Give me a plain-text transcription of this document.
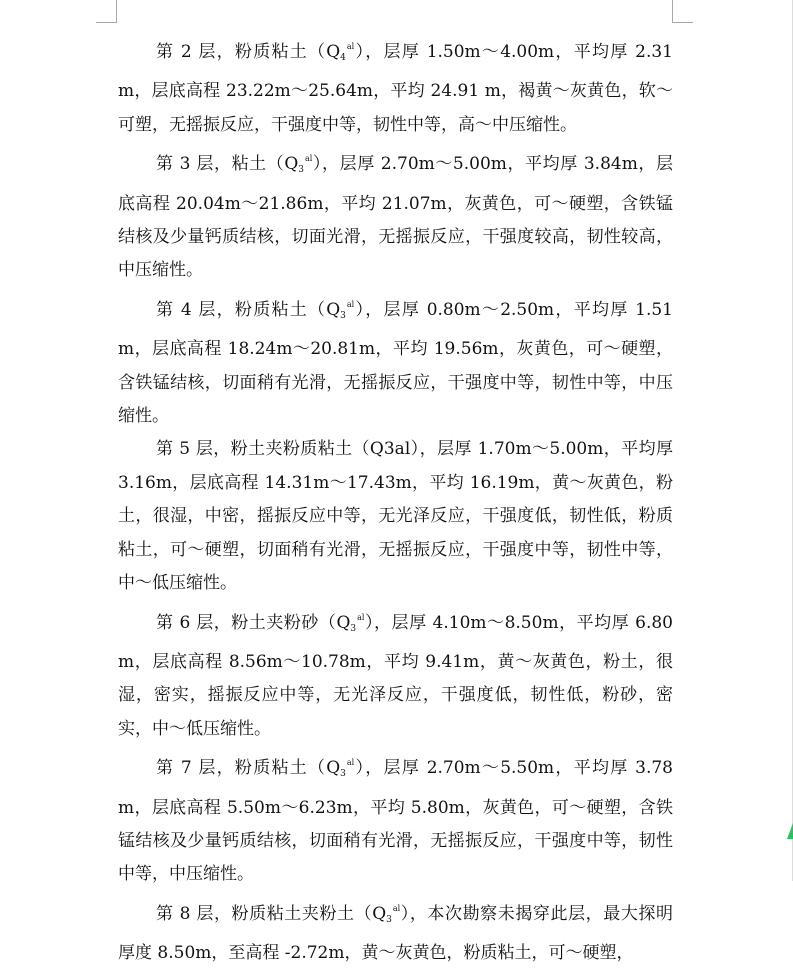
第 2 层，粉质粘土$(Q_4^{al})$，层厚 1.50m～4.00m，平均厚 2.31m，层底高程 23.22m～25.64m，平均 24.91 m，褐黄～灰黄色，软～可塑，无摇振反应，干强度中等，韧性中等，高～中压缩性。

第 3 层，粘土$(Q_3^{al})$，层厚 2.70m～5.00m，平均厚 3.84m，层底高程 20.04m～21.86m，平均 21.07m，灰黄色，可～硬塑，含铁锰结核及少量钙质结核，切面光滑，无摇振反应，干强度较高，韧性较高，中压缩性。

第 4 层，粉质粘土$(Q_3^{al})$，层厚 0.80m～2.50m，平均厚 1.51m，层底高程 18.24m～20.81m，平均 19.56m，灰黄色，可～硬塑，含铁锰结核，切面稍有光滑，无摇振反应，干强度中等，韧性中等，中压缩性。

第 5 层，粉土夹粉质粘土（Q3al），层厚 1.70m～5.00m，平均厚 3.16m，层底高程 14.31m～17.43m，平均 16.19m，黄～灰黄色，粉土，很湿，中密，摇振反应中等，无光泽反应，干强度低，韧性低，粉质粘土，可～硬塑，切面稍有光滑，无摇振反应，干强度中等，韧性中等，中～低压缩性。

第 6 层，粉土夹粉砂$(Q_3^{al})$，层厚 4.10m～8.50m，平均厚 6.80m，层底高程 8.56m～10.78m，平均 9.41m，黄～灰黄色，粉土，很湿，密实，摇振反应中等，无光泽反应，干强度低，韧性低，粉砂，密实，中～低压缩性。

第 7 层，粉质粘土$(Q_3^{al})$，层厚 2.70m～5.50m，平均厚 3.78m，层底高程 5.50m～6.23m，平均 5.80m，灰黄色，可～硬塑，含铁锰结核及少量钙质结核，切面稍有光滑，无摇振反应，干强度中等，韧性中等，中压缩性。

第 8 层，粉质粘土夹粉土$(Q_3^{al})$，本次勘察未揭穿此层，最大探明厚度 8.50m，至高程 -2.72m，黄～灰黄色，粉质粘土，可～硬塑，
